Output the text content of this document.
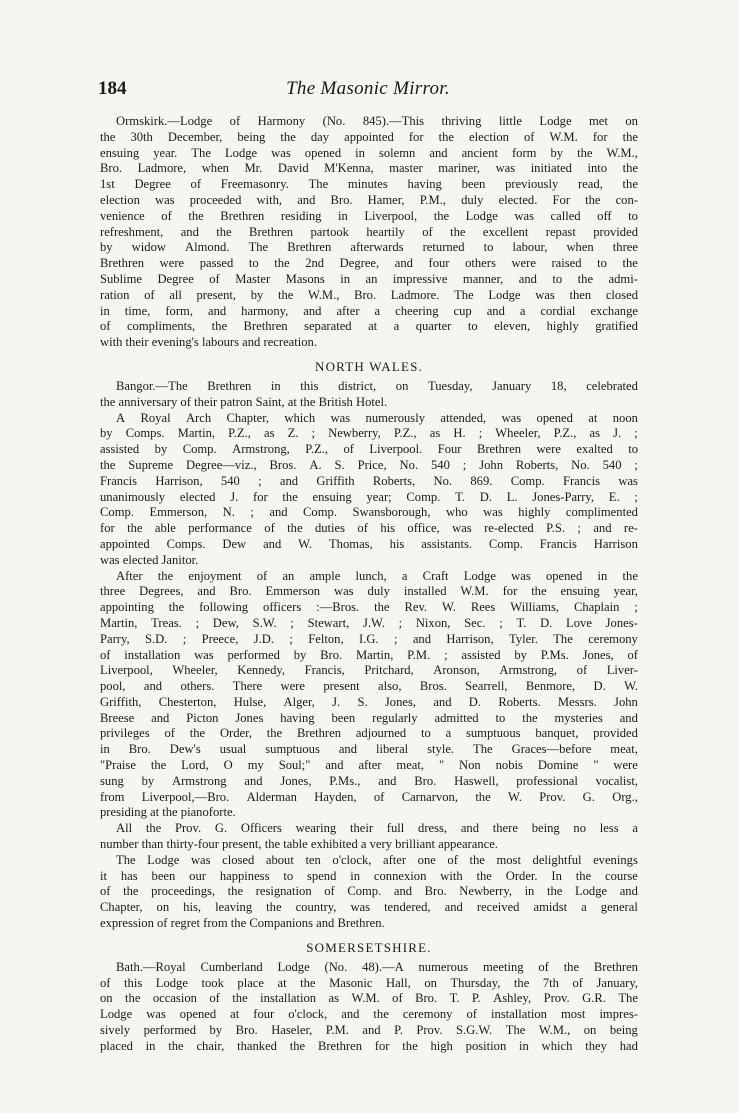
184	The Masonic Mirror.
Ormskirk.—Lodge of Harmony (No. 845).—This thriving little Lodge met on
the 30th December, being the day appointed for the election of W.M. for the
ensuing year. The Lodge was opened in solemn and ancient form by the W.M.,
Bro. Ladmore, when Mr. David M'Kenna, master mariner, was initiated into the
1st Degree of Freemasonry. The minutes having been previously read, the
election was proceeded with, and Bro. Hamer, P.M., duly elected. For the con-
venience of the Brethren residing in Liverpool, the Lodge was called off to
refreshment, and the Brethren partook heartily of the excellent repast provided
by widow Almond. The Brethren afterwards returned to labour, when three
Brethren were passed to the 2nd Degree, and four others were raised to the
Sublime Degree of Master Masons in an impressive manner, and to the admi-
ration of all present, by the W.M., Bro. Ladmore. The Lodge was then closed
in time, form, and harmony, and after a cheering cup and a cordial exchange
of compliments, the Brethren separated at a quarter to eleven, highly gratified
with their evening's labours and recreation.
NORTH WALES.
Bangor.—The Brethren in this district, on Tuesday, January 18, celebrated
the anniversary of their patron Saint, at the British Hotel.
A Royal Arch Chapter, which was numerously attended, was opened at noon
by Comps. Martin, P.Z., as Z. ; Newberry, P.Z., as H. ; Wheeler, P.Z., as J. ;
assisted by Comp. Armstrong, P.Z., of Liverpool. Four Brethren were exalted to
the Supreme Degree—viz., Bros. A. S. Price, No. 540 ; John Roberts, No. 540 ;
Francis Harrison, 540 ; and Griffith Roberts, No. 869. Comp. Francis was
unanimously elected J. for the ensuing year; Comp. T. D. L. Jones-Parry, E. ;
Comp. Emmerson, N. ; and Comp. Swansborough, who was highly complimented
for the able performance of the duties of his office, was re-elected P.S. ; and re-
appointed Comps. Dew and W. Thomas, his assistants. Comp. Francis Harrison
was elected Janitor.
After the enjoyment of an ample lunch, a Craft Lodge was opened in the
three Degrees, and Bro. Emmerson was duly installed W.M. for the ensuing year,
appointing the following officers :—Bros. the Rev. W. Rees Williams, Chaplain ;
Martin, Treas. ; Dew, S.W. ; Stewart, J.W. ; Nixon, Sec. ; T. D. Love Jones-
Parry, S.D. ; Preece, J.D. ; Felton, I.G. ; and Harrison, Tyler. The ceremony
of installation was performed by Bro. Martin, P.M. ; assisted by P.Ms. Jones, of
Liverpool, Wheeler, Kennedy, Francis, Pritchard, Aronson, Armstrong, of Liver-
pool, and others. There were present also, Bros. Searrell, Benmore, D. W.
Griffith, Chesterton, Hulse, Alger, J. S. Jones, and D. Roberts. Messrs. John
Breese and Picton Jones having been regularly admitted to the mysteries and
privileges of the Order, the Brethren adjourned to a sumptuous banquet, provided
in Bro. Dew's usual sumptuous and liberal style. The Graces—before meat,
"Praise the Lord, O my Soul;" and after meat, " Non nobis Domine " were
sung by Armstrong and Jones, P.Ms., and Bro. Haswell, professional vocalist,
from Liverpool,—Bro. Alderman Hayden, of Carnarvon, the W. Prov. G. Org.,
presiding at the pianoforte.
All the Prov. G. Officers wearing their full dress, and there being no less a
number than thirty-four present, the table exhibited a very brilliant appearance.
The Lodge was closed about ten o'clock, after one of the most delightful evenings
it has been our happiness to spend in connexion with the Order. In the course
of the proceedings, the resignation of Comp. and Bro. Newberry, in the Lodge and
Chapter, on his, leaving the country, was tendered, and received amidst a general
expression of regret from the Companions and Brethren.
SOMERSETSHIRE.
Bath.—Royal Cumberland Lodge (No. 48).—A numerous meeting of the Brethren
of this Lodge took place at the Masonic Hall, on Thursday, the 7th of January,
on the occasion of the installation as W.M. of Bro. T. P. Ashley, Prov. G.R. The
Lodge was opened at four o'clock, and the ceremony of installation most impres-
sively performed by Bro. Haseler, P.M. and P. Prov. S.G.W. The W.M., on being
placed in the chair, thanked the Brethren for the high position in which they had
